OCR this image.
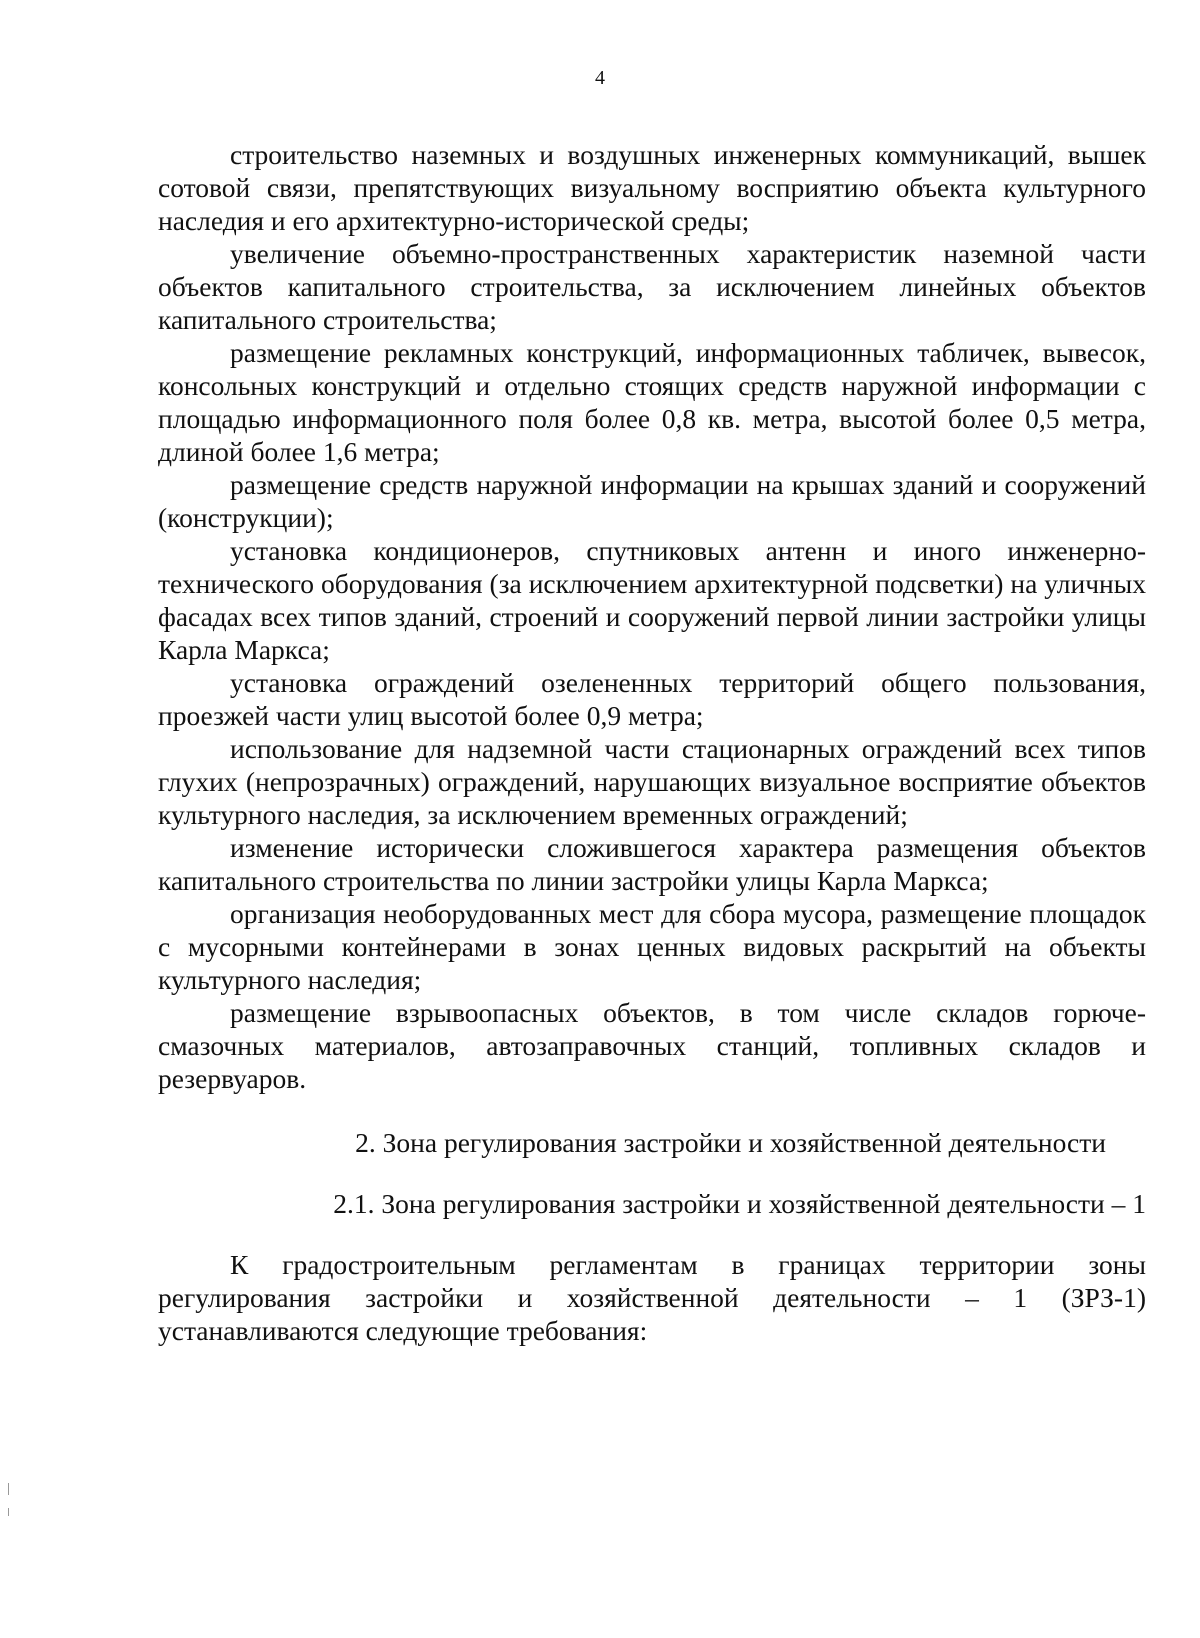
4

строительство наземных и воздушных инженерных коммуникаций, вышек сотовой связи, препятствующих визуальному восприятию объекта культурного наследия и его архитектурно-исторической среды;

увеличение объемно-пространственных характеристик наземной части объектов капитального строительства, за исключением линейных объектов капитального строительства;

размещение рекламных конструкций, информационных табличек, вывесок, консольных конструкций и отдельно стоящих средств наружной информации с площадью информационного поля более 0,8 кв. метра, высотой более 0,5 метра, длиной более 1,6 метра;

размещение средств наружной информации на крышах зданий и сооружений (конструкции);

установка кондиционеров, спутниковых антенн и иного инженерно-технического оборудования (за исключением архитектурной подсветки) на уличных фасадах всех типов зданий, строений и сооружений первой линии застройки улицы Карла Маркса;

установка ограждений озелененных территорий общего пользования, проезжей части улиц высотой более 0,9 метра;

использование для надземной части стационарных ограждений всех типов глухих (непрозрачных) ограждений, нарушающих визуальное восприятие объектов культурного наследия, за исключением временных ограждений;

изменение исторически сложившегося характера размещения объектов капитального строительства по линии застройки улицы Карла Маркса;

организация необорудованных мест для сбора мусора, размещение площадок с мусорными контейнерами в зонах ценных видовых раскрытий на объекты культурного наследия;

размещение взрывоопасных объектов, в том числе складов горюче-смазочных материалов, автозаправочных станций, топливных складов и резервуаров.

2. Зона регулирования застройки и хозяйственной деятельности

2.1. Зона регулирования застройки и хозяйственной деятельности – 1

К градостроительным регламентам в границах территории зоны регулирования застройки и хозяйственной деятельности – 1 (ЗРЗ-1) устанавливаются следующие требования:
